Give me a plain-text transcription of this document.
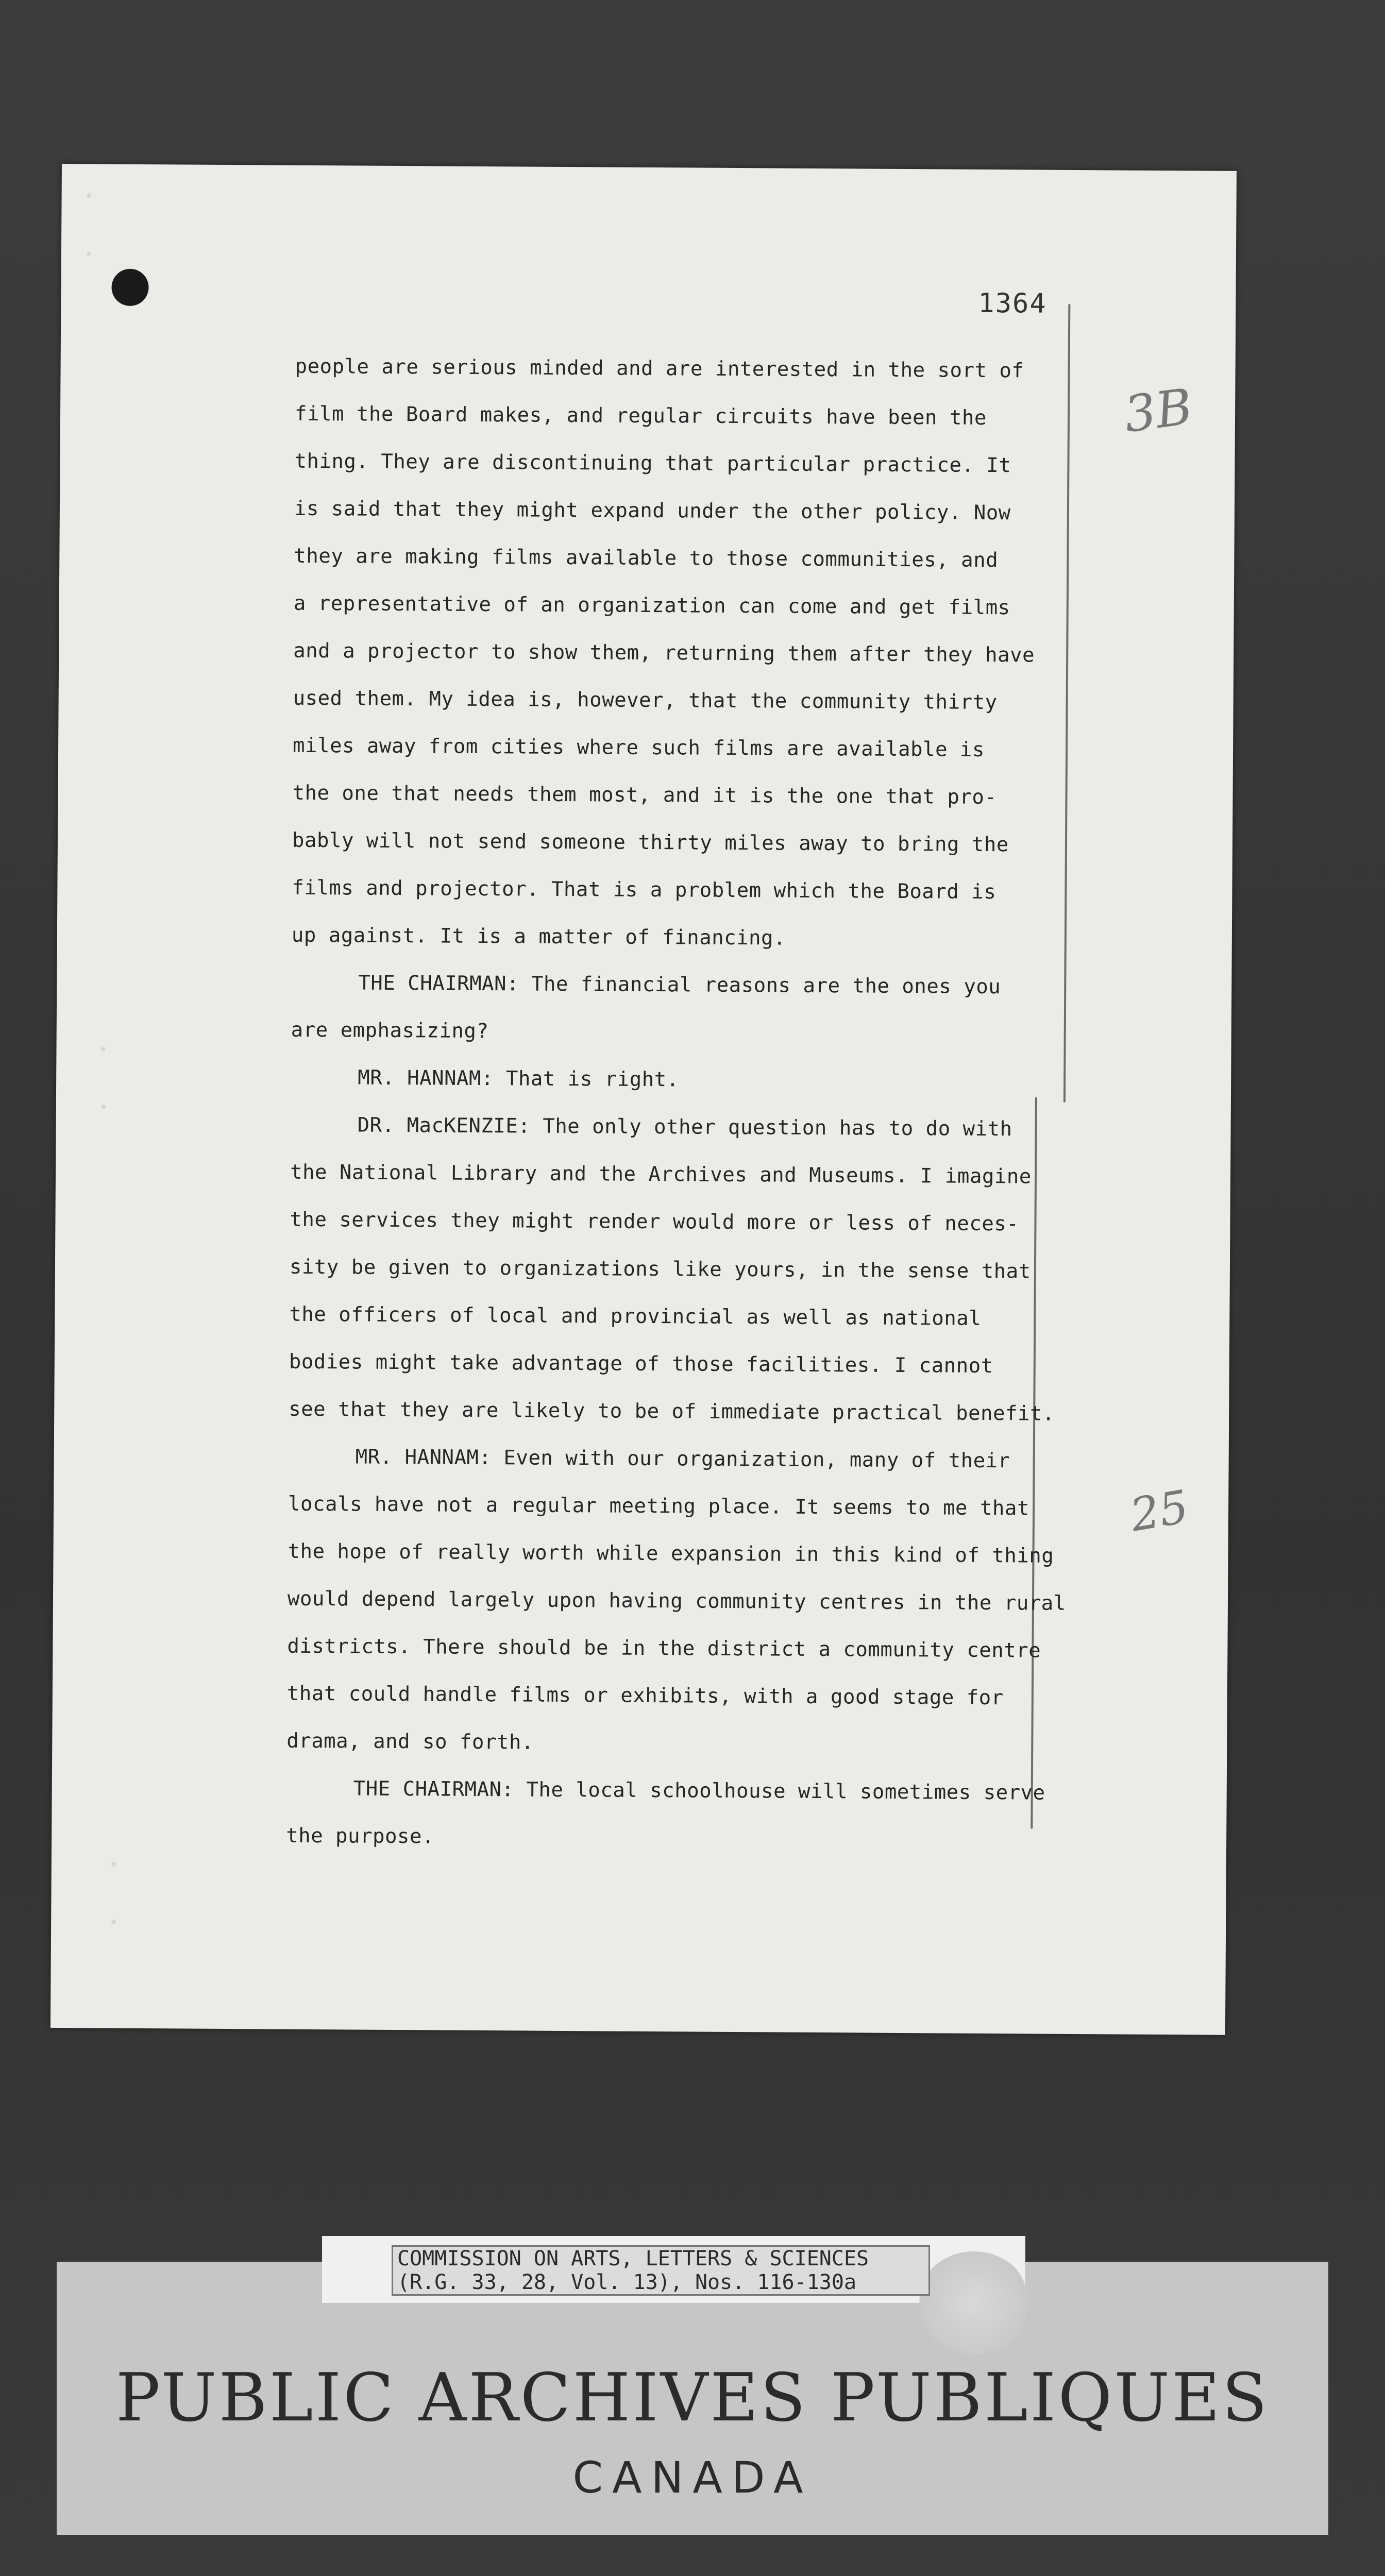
1364
3B
25
people are serious minded and are interested in the sort of
film the Board makes, and regular circuits have been the
thing. They are discontinuing that particular practice. It
is said that they might expand under the other policy. Now
they are making films available to those communities, and
a representative of an organization can come and get films
and a projector to show them, returning them after they have
used them. My idea is, however, that the community thirty
miles away from cities where such films are available is
the one that needs them most, and it is the one that pro-
bably will not send someone thirty miles away to bring the
films and projector. That is a problem which the Board is
up against. It is a matter of financing.
THE CHAIRMAN: The financial reasons are the ones you
are emphasizing?
MR. HANNAM: That is right.
DR. MacKENZIE: The only other question has to do with
the National Library and the Archives and Museums. I imagine
the services they might render would more or less of neces-
sity be given to organizations like yours, in the sense that
the officers of local and provincial as well as national
bodies might take advantage of those facilities. I cannot
see that they are likely to be of immediate practical benefit.
MR. HANNAM: Even with our organization, many of their
locals have not a regular meeting place. It seems to me that
the hope of really worth while expansion in this kind of thing
would depend largely upon having community centres in the rural
districts. There should be in the district a community centre
that could handle films or exhibits, with a good stage for
drama, and so forth.
THE CHAIRMAN: The local schoolhouse will sometimes serve
the purpose.
COMMISSION ON ARTS, LETTERS & SCIENCES
(R.G. 33, 28, Vol. 13), Nos. 116-130a
PUBLIC ARCHIVES PUBLIQUES
CANADA
